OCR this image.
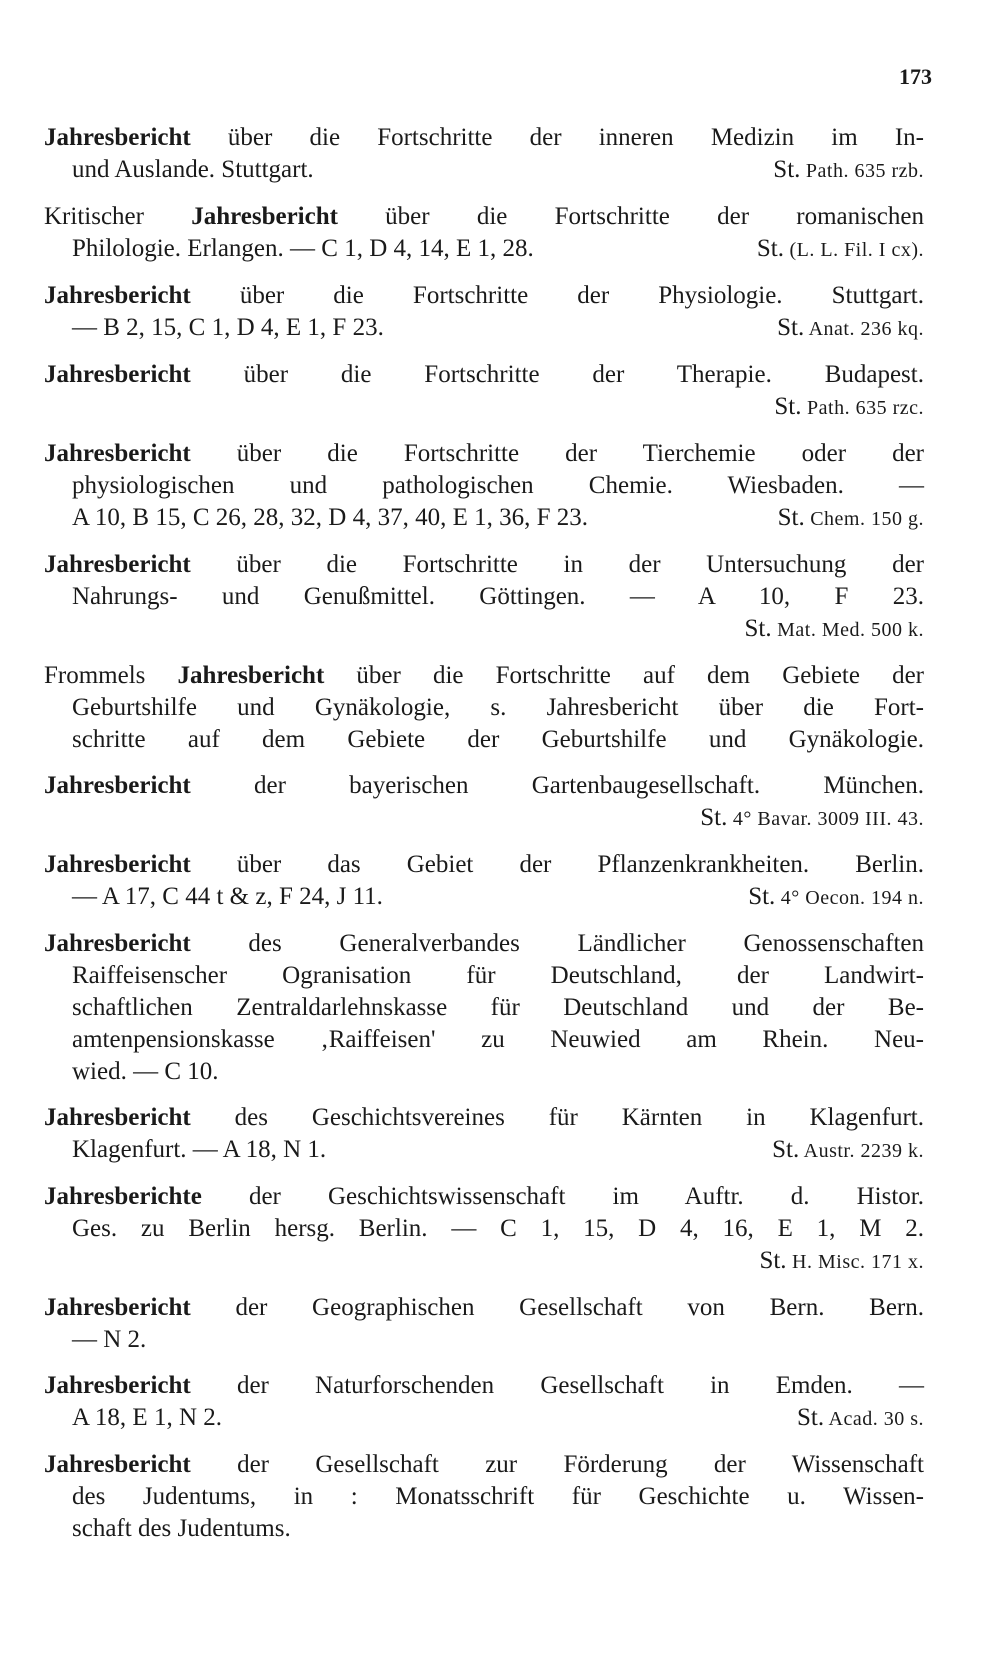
173
Jahresbericht über die Fortschritte der inneren Medizin im In-
und Auslande. Stuttgart.	St. Path. 635 rzb.
Kritischer Jahresbericht über die Fortschritte der romanischen
Philologie. Erlangen. — C 1, D 4, 14, E 1, 28.	St. (L. L. Fil. I cx).
Jahresbericht über die Fortschritte der Physiologie. Stuttgart.
— B 2, 15, C 1, D 4, E 1, F 23.	St. Anat. 236 kq.
Jahresbericht über die Fortschritte der Therapie. Budapest.
St. Path. 635 rzc.
Jahresbericht über die Fortschritte der Tierchemie oder der
physiologischen und pathologischen Chemie. Wiesbaden. —
A 10, B 15, C 26, 28, 32, D 4, 37, 40, E 1, 36, F 23.	St. Chem. 150 g.
Jahresbericht über die Fortschritte in der Untersuchung der
Nahrungs- und Genußmittel. Göttingen. — A 10, F 23.
St. Mat. Med. 500 k.
Frommels Jahresbericht über die Fortschritte auf dem Gebiete der
Geburtshilfe und Gynäkologie, s. Jahresbericht über die Fort-
schritte auf dem Gebiete der Geburtshilfe und Gynäkologie.
Jahresbericht der bayerischen Gartenbaugesellschaft. München.
St. 4° Bavar. 3009 III. 43.
Jahresbericht über das Gebiet der Pflanzenkrankheiten. Berlin.
— A 17, C 44 t & z, F 24, J 11.	St. 4° Oecon. 194 n.
Jahresbericht des Generalverbandes Ländlicher Genossenschaften
Raiffeisenscher Ogranisation für Deutschland, der Landwirt-
schaftlichen Zentraldarlehnskasse für Deutschland und der Be-
amtenpensionskasse ‚Raiffeisen' zu Neuwied am Rhein. Neu-
wied. — C 10.
Jahresbericht des Geschichtsvereines für Kärnten in Klagenfurt.
Klagenfurt. — A 18, N 1.	St. Austr. 2239 k.
Jahresberichte der Geschichtswissenschaft im Auftr. d. Histor.
Ges. zu Berlin hersg. Berlin. — C 1, 15, D 4, 16, E 1, M 2.
St. H. Misc. 171 x.
Jahresbericht der Geographischen Gesellschaft von Bern. Bern.
— N 2.
Jahresbericht der Naturforschenden Gesellschaft in Emden. —
A 18, E 1, N 2.	St. Acad. 30 s.
Jahresbericht der Gesellschaft zur Förderung der Wissenschaft
des Judentums, in : Monatsschrift für Geschichte u. Wissen-
schaft des Judentums.
